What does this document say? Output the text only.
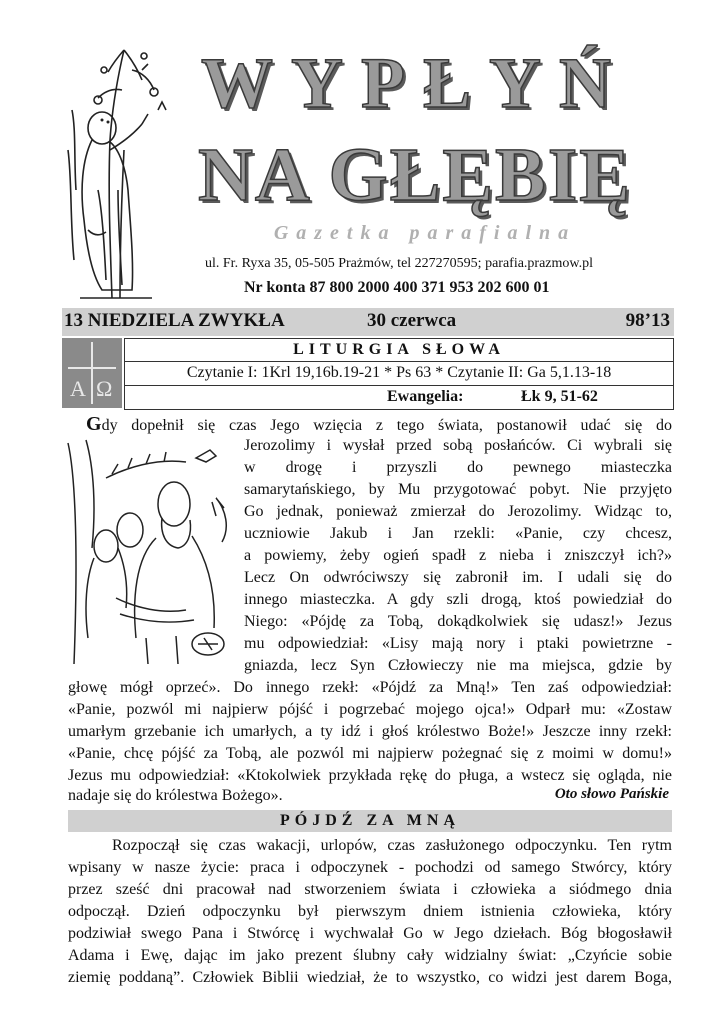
WYPŁYŃ
NA GŁĘBIĘ
Gazetka parafialna
ul. Fr. Ryxa 35, 05-505 Prażmów, tel 227270595; parafia.prazmow.pl
Nr konta 87 800 2000 400 371 953 202 600 01
13 NIEDZIELA ZWYKŁA	30 czerwca	98’13
A Ω
LITURGIA SŁOWA
Czytanie I: 1Krl 19,16b.19-21 * Ps 63 * Czytanie II: Ga 5,1.13-18
Ewangelia:	Łk 9, 51-62
Gdy dopełnił się czas Jego wzięcia z tego świata, postanowił udać się do
Jerozolimy i wysłał przed sobą posłańców. Ci wybrali się
w drogę i przyszli do pewnego miasteczka
samarytańskiego, by Mu przygotować pobyt. Nie przyjęto
Go jednak, ponieważ zmierzał do Jerozolimy. Widząc to,
uczniowie Jakub i Jan rzekli: «Panie, czy chcesz,
a powiemy, żeby ogień spadł z nieba i zniszczył ich?»
Lecz On odwróciwszy się zabronił im. I udali się do
innego miasteczka. A gdy szli drogą, ktoś powiedział do
Niego: «Pójdę za Tobą, dokądkolwiek się udasz!» Jezus
mu odpowiedział: «Lisy mają nory i ptaki powietrzne -
gniazda, lecz Syn Człowieczy nie ma miejsca, gdzie by
głowę mógł oprzeć». Do innego rzekł: «Pójdź za Mną!» Ten zaś odpowiedział:
«Panie, pozwól mi najpierw pójść i pogrzebać mojego ojca!» Odparł mu: «Zostaw
umarłym grzebanie ich umarłych, a ty idź i głoś królestwo Boże!» Jeszcze inny rzekł:
«Panie, chcę pójść za Tobą, ale pozwól mi najpierw pożegnać się z moimi w domu!»
Jezus mu odpowiedział: «Ktokolwiek przykłada rękę do pługa, a wstecz się ogląda, nie
nadaje się do królestwa Bożego».	Oto słowo Pańskie
PÓJDŹ ZA MNĄ
Rozpoczął się czas wakacji, urlopów, czas zasłużonego odpoczynku. Ten rytm
wpisany w nasze życie: praca i odpoczynek - pochodzi od samego Stwórcy, który
przez sześć dni pracował nad stworzeniem świata i człowieka a siódmego dnia
odpoczął. Dzień odpoczynku był pierwszym dniem istnienia człowieka, który
podziwiał swego Pana i Stwórcę i wychwalał Go w Jego dziełach. Bóg błogosławił
Adama i Ewę, dając im jako prezent ślubny cały widzialny świat: „Czyńcie sobie
ziemię poddaną”. Człowiek Biblii wiedział, że to wszystko, co widzi jest darem Boga,
